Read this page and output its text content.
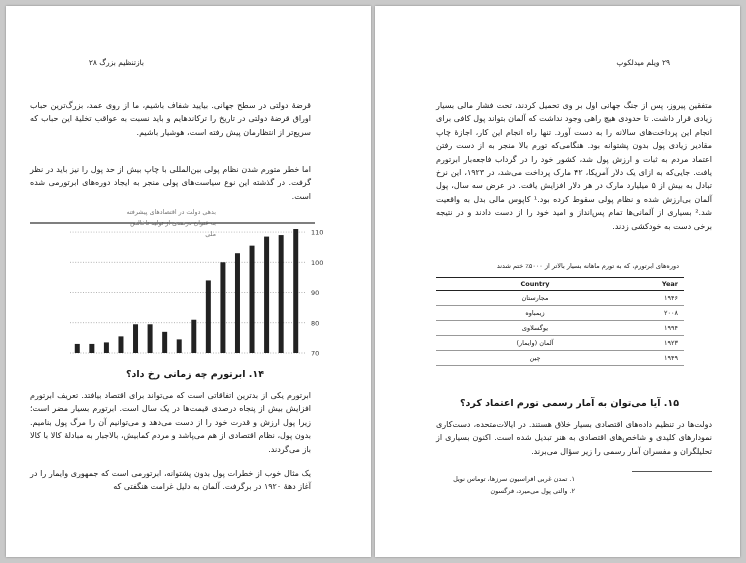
بازتنظیم بزرگ ۲۸

قرضهٔ دولتی در سطح جهانی. بیایید شفاف باشیم، ما از روی عمد، بزرگ‌ترین حباب اوراق قرضهٔ دولتی در تاریخ را ترکاندهایم و باید نسبت به عواقب تخلیهٔ این حباب که سریع‌تر از انتظارمان پیش رفته است، هوشیار باشیم.

اما خطر متورم شدن نظام پولی بین‌المللی با چاپ بیش از حد پول را نیز باید در نظر گرفت. در گذشته این نوع سیاست‌های پولی منجر به ایجاد دوره‌های ابرتورمی شده است.

70
80
90
100
110

بدهی دولت در اقتصادهای پیشرفته
به عنوان درصدی از تولید ناخالص ملی

۱۴. ابرتورم چه زمانی رخ داد؟

ابرتورم یکی از بدترین اتفاقاتی است که می‌تواند برای اقتصاد بیافتد. تعریف ابرتورم افزایش بیش از پنجاه درصدی قیمت‌ها در یک سال است. ابرتورم بسیار مضر است؛ زیرا پول ارزش و قدرت خود را از دست می‌دهد و می‌توانیم آن را مرگ پول بنامیم. بدون پول، نظام اقتصادی از هم می‌پاشد و مردم کمابیش، بالاجبار به مبادلهٔ کالا با کالا باز می‌گردند.

یک مثال خوب از خطرات پول بدون پشتوانه، ابرتورمی است که جمهوری وایمار را در آغاز دههٔ ۱۹۲۰ در برگرفت. آلمان به دلیل غرامت هنگفتی که

۲۹ ویلم میدلکوپ

متفقین پیروز، پس از جنگ جهانی اول بر وی تحمیل کردند، تحت فشار مالی بسیار زیادی قرار داشت. تا حدودی هیچ راهی وجود نداشت که آلمان بتواند پول کافی برای انجام این پرداخت‌های سالانه را به دست آورد. تنها راه انجام این کار، اجازهٔ چاپ مقادیر زیادی پول بدون پشتوانه بود. هنگامی‌که تورم بالا منجر به از دست رفتن اعتماد مردم به ثبات و ارزش پول شد، کشور خود را در گرداب فاجعه‌بار ابرتورم یافت. جایی‌که به ازای یک دلار آمریکا، ۴۲ مارک پرداخت می‌شد، در ۱۹۲۳، این نرخ تبادل به بیش از ۵ میلیارد مارک در هر دلار افزایش یافت. در عرض سه سال، پول آلمان بی‌ارزش شده و نظام پولی سقوط کرده بود.¹ کاپوس مالی بدل به واقعیت شد.² بسیاری از آلمانی‌ها تمام پس‌انداز و امید خود را از دست دادند و در نتیجه برخی دست به خودکشی زدند.

دوره‌های ابرتورم، که به تورم ماهانه بسیار بالاتر از ۵۰۰۰٪ ختم شدند

Country	Year
مجارستان	۱۹۴۶
زیمباوه	۲۰۰۸
یوگسلاوی	۱۹۹۴
آلمان (وایمار)	۱۹۲۳
چین	۱۹۴۹

۱۵. آیا می‌توان به آمار رسمی تورم اعتماد کرد؟

دولت‌ها در تنظیم داده‌های اقتصادی بسیار خلاق هستند. در ایالات‌متحده، دست‌کاری نمودارهای کلیدی و شاخص‌های اقتصادی به هنر تبدیل شده است. اکنون بسیاری از تحلیلگران و مفسران آمار رسمی را زیر سؤال می‌برند.

۱. تمدن غربی افراسیون سرزها، توماس نویل
۲. والتی پول می‌میرد، فرگسون
